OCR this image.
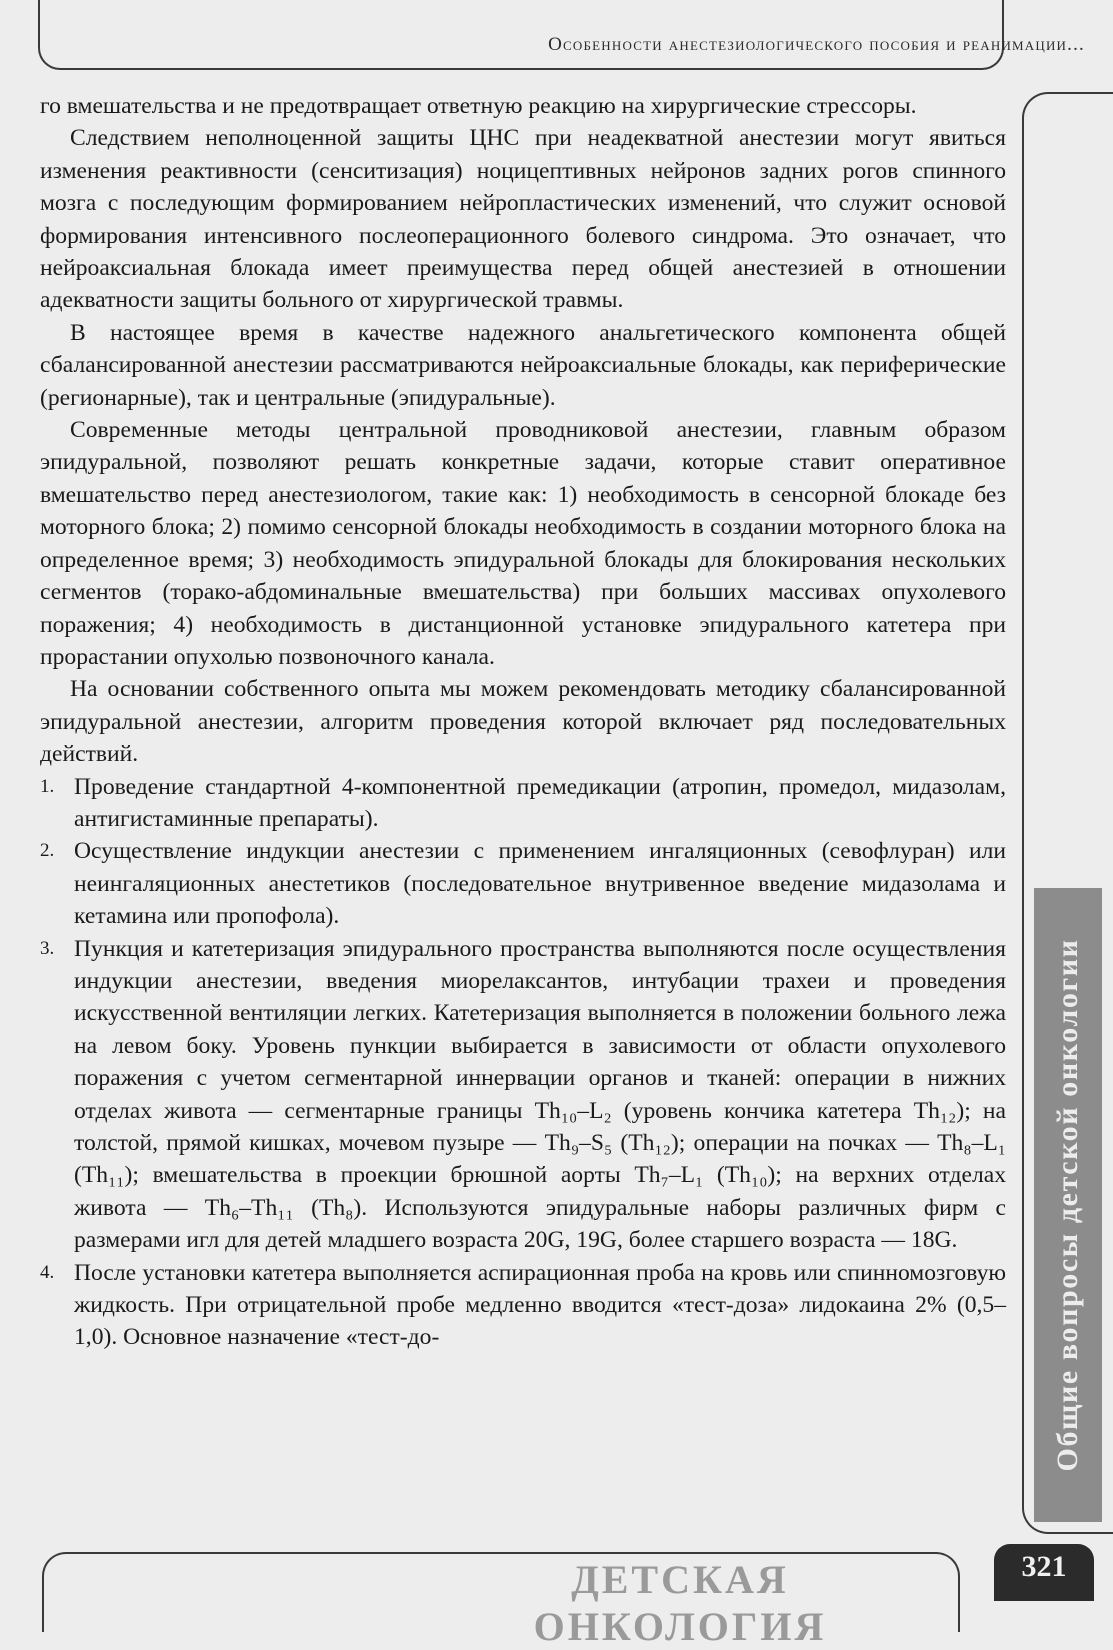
Особенности анестезиологического пособия и реанимации...
Общие вопросы детской онкологии

го вмешательства и не предотвращает ответную реакцию на хирургические стрессоры.

Следствием неполноценной защиты ЦНС при неадекватной анестезии могут явиться изменения реактивности (сенситизация) ноцицептивных нейронов задних рогов спинного мозга с последующим формированием нейропластических изменений, что служит основой формирования интенсивного послеоперационного болевого синдрома. Это означает, что нейроаксиальная блокада имеет преимущества перед общей анестезией в отношении адекватности защиты больного от хирургической травмы.

В настоящее время в качестве надежного анальгетического компонента общей сбалансированной анестезии рассматриваются нейроаксиальные блокады, как периферические (регионарные), так и центральные (эпидуральные).

Современные методы центральной проводниковой анестезии, главным образом эпидуральной, позволяют решать конкретные задачи, которые ставит оперативное вмешательство перед анестезиологом, такие как: 1) необходимость в сенсорной блокаде без моторного блока; 2) помимо сенсорной блокады необходимость в создании моторного блока на определенное время; 3) необходимость эпидуральной блокады для блокирования нескольких сегментов (торако-абдоминальные вмешательства) при больших массивах опухолевого поражения; 4) необходимость в дистанционной установке эпидурального катетера при прорастании опухолью позвоночного канала.

На основании собственного опыта мы можем рекомендовать методику сбалансированной эпидуральной анестезии, алгоритм проведения которой включает ряд последовательных действий.

1. Проведение стандартной 4-компонентной премедикации (атропин, промедол, мидазолам, антигистаминные препараты).
2. Осуществление индукции анестезии с применением ингаляционных (севофлуран) или неингаляционных анестетиков (последовательное внутривенное введение мидазолама и кетамина или пропофола).
3. Пункция и катетеризация эпидурального пространства выполняются после осуществления индукции анестезии, введения миорелаксантов, интубации трахеи и проведения искусственной вентиляции легких. Катетеризация выполняется в положении больного лежа на левом боку. Уровень пункции выбирается в зависимости от области опухолевого поражения с учетом сегментарной иннервации органов и тканей: операции в нижних отделах живота — сегментарные границы Th₁₀–L₂ (уровень кончика катетера Th₁₂); на толстой, прямой кишках, мочевом пузыре — Th₉–S₅ (Th₁₂); операции на почках — Th₈–L₁ (Th₁₁); вмешательства в проекции брюшной аорты Th₇–L₁ (Th₁₀); на верхних отделах живота — Th₆–Th₁₁ (Th₈). Используются эпидуральные наборы различных фирм с размерами игл для детей младшего возраста 20G, 19G, более старшего возраста — 18G.
4. После установки катетера выполняется аспирационная проба на кровь или спинномозговую жидкость. При отрицательной пробе медленно вводится «тест-доза» лидокаина 2% (0,5–1,0). Основное назначение «тест-до-
ДЕТСКАЯ ОНКОЛОГИЯ
321
